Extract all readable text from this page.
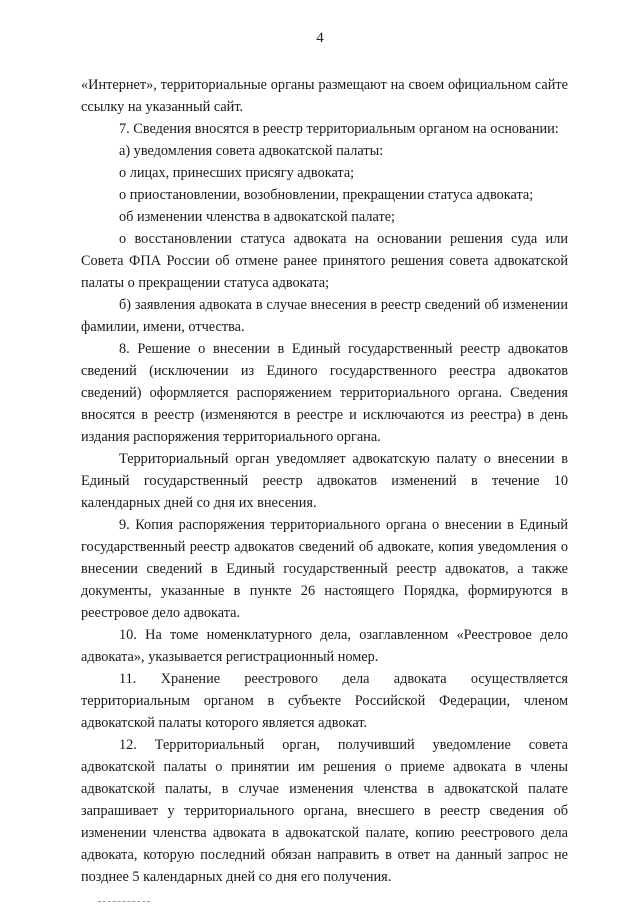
4

«Интернет», территориальные органы размещают на своем официальном сайте ссылку на указанный сайт.

7. Сведения вносятся в реестр территориальным органом на основании:

а) уведомления совета адвокатской палаты:

о лицах, принесших присягу адвоката;

о приостановлении, возобновлении, прекращении статуса адвоката;

об изменении членства в адвокатской палате;

о восстановлении статуса адвоката на основании решения суда или Совета ФПА России об отмене ранее принятого решения совета адвокатской палаты о прекращении статуса адвоката;

б) заявления адвоката в случае внесения в реестр сведений об изменении фамилии, имени, отчества.

8. Решение о внесении в Единый государственный реестр адвокатов сведений (исключении из Единого государственного реестра адвокатов сведений) оформляется распоряжением территориального органа. Сведения вносятся в реестр (изменяются в реестре и исключаются из реестра) в день издания распоряжения территориального органа.

Территориальный орган уведомляет адвокатскую палату о внесении в Единый государственный реестр адвокатов изменений в течение 10 календарных дней со дня их внесения.

9. Копия распоряжения территориального органа о внесении в Единый государственный реестр адвокатов сведений об адвокате, копия уведомления о внесении сведений в Единый государственный реестр адвокатов, а также документы, указанные в пункте 26 настоящего Порядка, формируются в реестровое дело адвоката.

10. На томе номенклатурного дела, озаглавленном «Реестровое дело адвоката», указывается регистрационный номер.

11. Хранение реестрового дела адвоката осуществляется территориальным органом в субъекте Российской Федерации, членом адвокатской палаты которого является адвокат.

12. Территориальный орган, получивший уведомление совета адвокатской палаты о принятии им решения о приеме адвоката в члены адвокатской палаты, в случае изменения членства в адвокатской палате запрашивает у территориального органа, внесшего в реестр сведения об изменении членства адвоката в адвокатской палате, копию реестрового дела адвоката, которую последний обязан направить в ответ на данный запрос не позднее 5 календарных дней со дня его получения.
